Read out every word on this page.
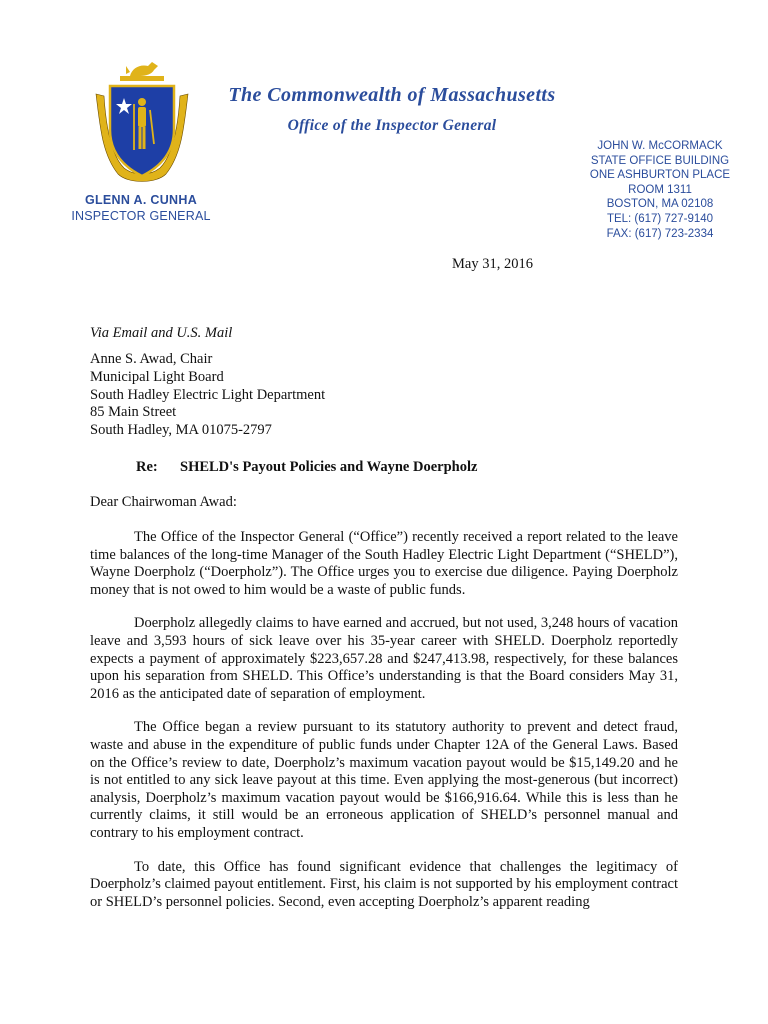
GLENN A. CUNHA
INSPECTOR GENERAL
The Commonwealth of Massachusetts
Office of the Inspector General
JOHN W. McCORMACK
STATE OFFICE BUILDING
ONE ASHBURTON PLACE
ROOM 1311
BOSTON, MA 02108
TEL: (617) 727-9140
FAX: (617) 723-2334
May 31, 2016
Via Email and U.S. Mail
Anne S. Awad, Chair
Municipal Light Board
South Hadley Electric Light Department
85 Main Street
South Hadley, MA 01075-2797
Re: SHELD's Payout Policies and Wayne Doerpholz
Dear Chairwoman Awad:

The Office of the Inspector General (“Office”) recently received a report related to the leave time balances of the long-time Manager of the South Hadley Electric Light Department (“SHELD”), Wayne Doerpholz (“Doerpholz”). The Office urges you to exercise due diligence. Paying Doerpholz money that is not owed to him would be a waste of public funds.

Doerpholz allegedly claims to have earned and accrued, but not used, 3,248 hours of vacation leave and 3,593 hours of sick leave over his 35-year career with SHELD. Doerpholz reportedly expects a payment of approximately $223,657.28 and $247,413.98, respectively, for these balances upon his separation from SHELD. This Office’s understanding is that the Board considers May 31, 2016 as the anticipated date of separation of employment.

The Office began a review pursuant to its statutory authority to prevent and detect fraud, waste and abuse in the expenditure of public funds under Chapter 12A of the General Laws. Based on the Office’s review to date, Doerpholz’s maximum vacation payout would be $15,149.20 and he is not entitled to any sick leave payout at this time. Even applying the most-generous (but incorrect) analysis, Doerpholz’s maximum vacation payout would be $166,916.64. While this is less than he currently claims, it still would be an erroneous application of SHELD’s personnel manual and contrary to his employment contract.

To date, this Office has found significant evidence that challenges the legitimacy of Doerpholz’s claimed payout entitlement. First, his claim is not supported by his employment contract or SHELD’s personnel policies. Second, even accepting Doerpholz’s apparent reading
